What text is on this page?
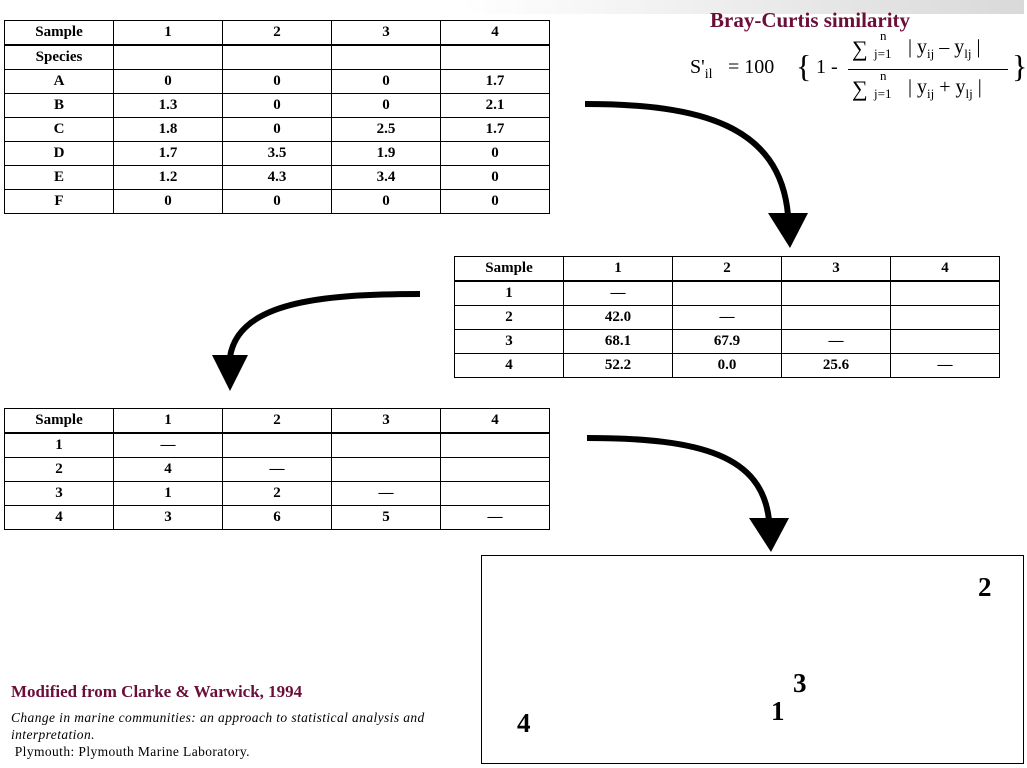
Sample	1	2	3	4
Species				
A	0	0	0	1.7
B	1.3	0	0	2.1
C	1.8	0	2.5	1.7
D	1.7	3.5	1.9	0
E	1.2	4.3	3.4	0
F	0	0	0	0
Bray-Curtis similarity
$S'_{il} = 100$ { 1 -
∑
n
j=1 | $y_{ij} - y_{lj}$ |
∑
n
j=1 | $y_{ij} + y_{lj}$ |
}
Sample	1	2	3	4
1	—			
2	42.0	—		
3	68.1	67.9	—	
4	52.2	0.0	25.6	—
Sample	1	2	3	4
1	—			
2	4	—		
3	1	2	—	
4	3	6	5	—
2
3
1
4
Modified from Clarke & Warwick, 1994
Change in marine communities: an approach to statistical analysis and interpretation.
Plymouth: Plymouth Marine Laboratory.
